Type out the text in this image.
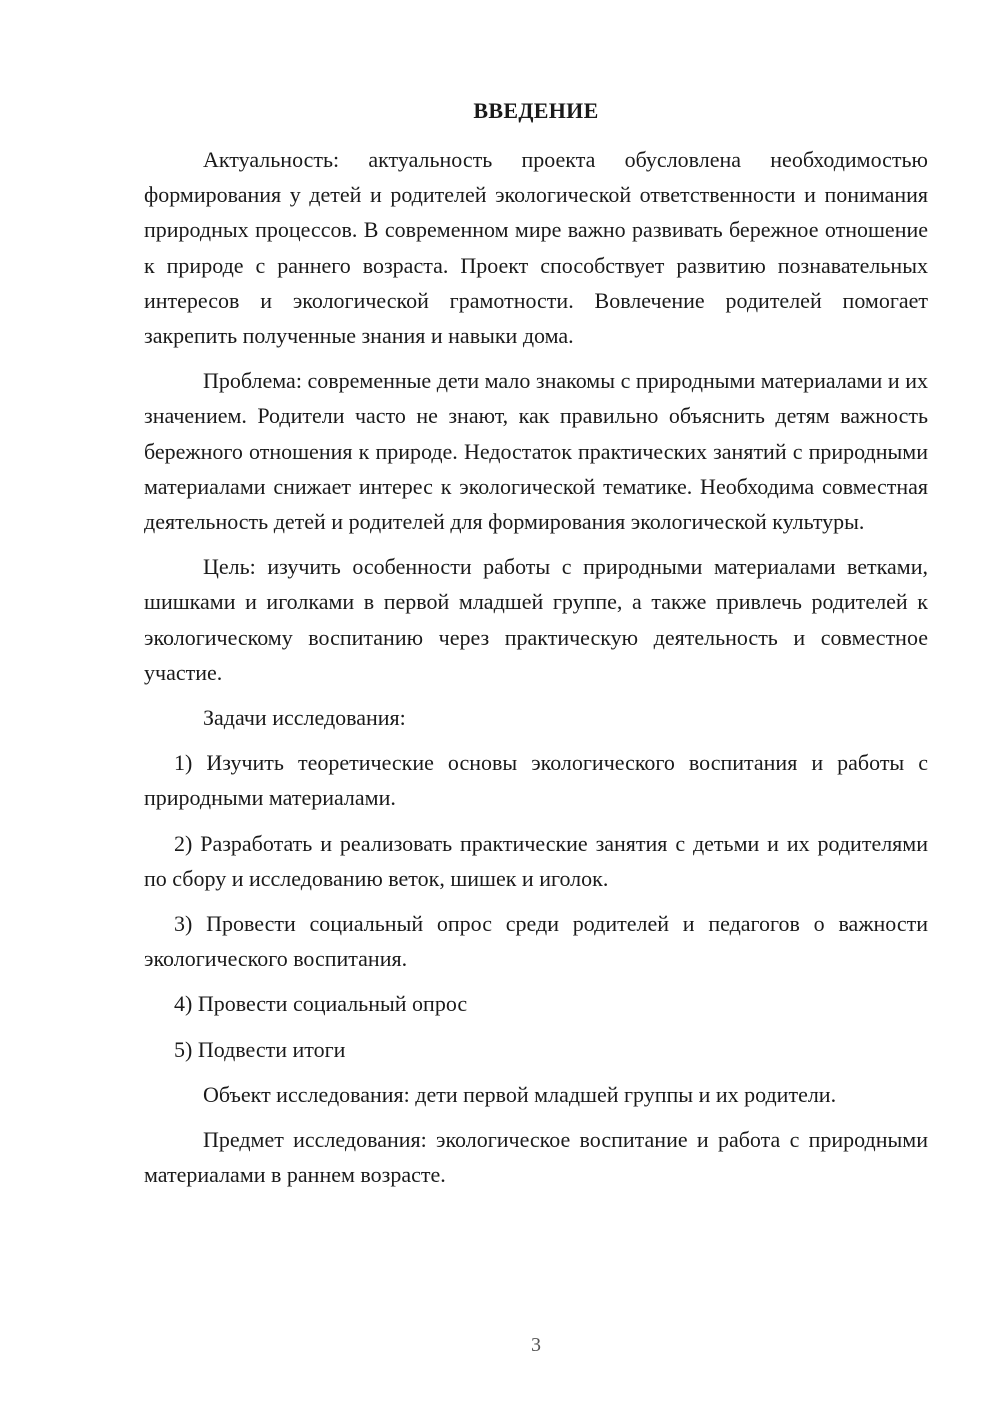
ВВЕДЕНИЕ

Актуальность: актуальность проекта обусловлена необходимостью формирования у детей и родителей экологической ответственности и понимания природных процессов. В современном мире важно развивать бережное отношение к природе с раннего возраста. Проект способствует развитию познавательных интересов и экологической грамотности. Вовлечение родителей помогает закрепить полученные знания и навыки дома.

Проблема: современные дети мало знакомы с природными материалами и их значением. Родители часто не знают, как правильно объяснить детям важность бережного отношения к природе. Недостаток практических занятий с природными материалами снижает интерес к экологической тематике. Необходима совместная деятельность детей и родителей для формирования экологической культуры.

Цель: изучить особенности работы с природными материалами ветками, шишками и иголками в первой младшей группе, а также привлечь родителей к экологическому воспитанию через практическую деятельность и совместное участие.

Задачи исследования:

1) Изучить теоретические основы экологического воспитания и работы с природными материалами.

2) Разработать и реализовать практические занятия с детьми и их родителями по сбору и исследованию веток, шишек и иголок.

3) Провести социальный опрос среди родителей и педагогов о важности экологического воспитания.

4) Провести социальный опрос

5) Подвести итоги

Объект исследования: дети первой младшей группы и их родители.

Предмет исследования: экологическое воспитание и работа с природными материалами в раннем возрасте.

3
